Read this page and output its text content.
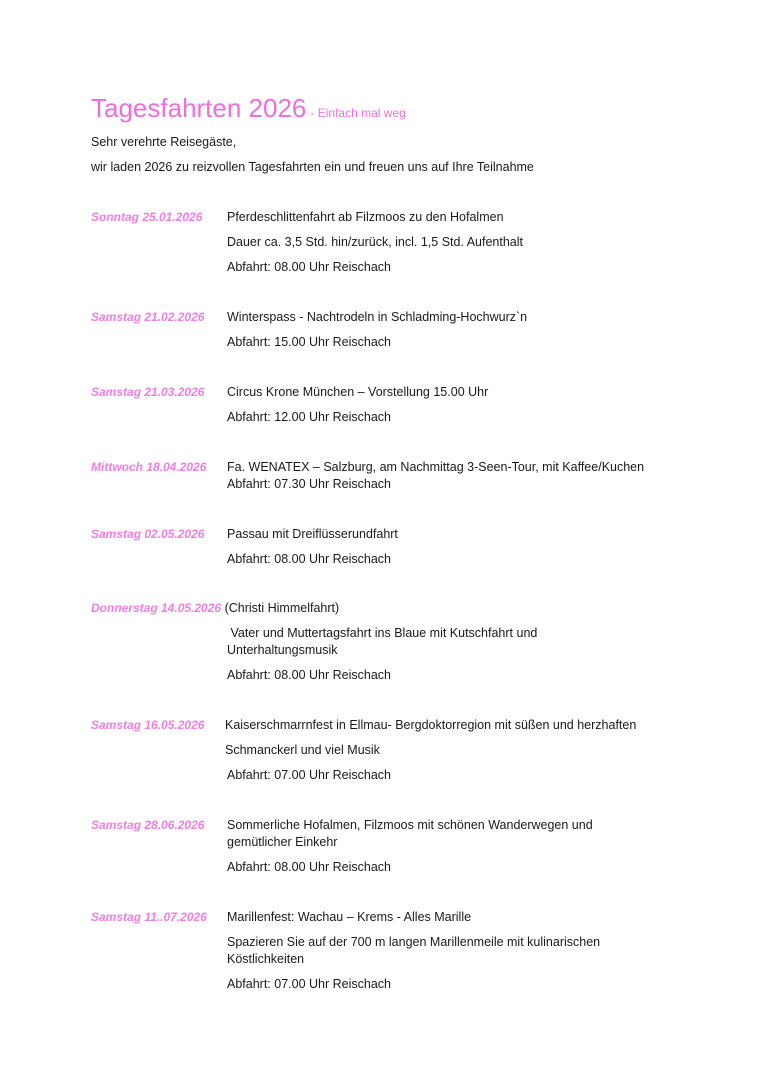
Tagesfahrten 2026 - Einfach mal weg
Sehr verehrte Reisegäste,
wir laden 2026 zu reizvollen Tagesfahrten ein und freuen uns auf Ihre Teilnahme
Sonntag 25.01.2026 Pferdeschlittenfahrt ab Filzmoos zu den Hofalmen
Dauer ca. 3,5 Std. hin/zurück, incl. 1,5 Std. Aufenthalt
Abfahrt: 08.00 Uhr Reischach
Samstag 21.02.2026 Winterspass - Nachtrodeln in Schladming-Hochwurz`n
Abfahrt: 15.00 Uhr Reischach
Samstag 21.03.2026 Circus Krone München – Vorstellung 15.00 Uhr
Abfahrt: 12.00 Uhr Reischach
Mittwoch 18.04.2026 Fa. WENATEX – Salzburg, am Nachmittag 3-Seen-Tour, mit Kaffee/Kuchen
Abfahrt: 07.30 Uhr Reischach
Samstag 02.05.2026 Passau mit Dreiflüsserundfahrt
Abfahrt: 08.00 Uhr Reischach
Donnerstag 14.05.2026 (Christi Himmelfahrt)
Vater und Muttertagsfahrt ins Blaue mit Kutschfahrt und
Unterhaltungsmusik
Abfahrt: 08.00 Uhr Reischach
Samstag 16.05.2026 Kaiserschmarrnfest in Ellmau- Bergdoktorregion mit süßen und herzhaften
Schmanckerl und viel Musik
Abfahrt: 07.00 Uhr Reischach
Samstag 28.06.2026 Sommerliche Hofalmen, Filzmoos mit schönen Wanderwegen und
gemütlicher Einkehr
Abfahrt: 08.00 Uhr Reischach
Samstag 11..07.2026 Marillenfest: Wachau – Krems - Alles Marille
Spazieren Sie auf der 700 m langen Marillenmeile mit kulinarischen
Köstlichkeiten
Abfahrt: 07.00 Uhr Reischach
